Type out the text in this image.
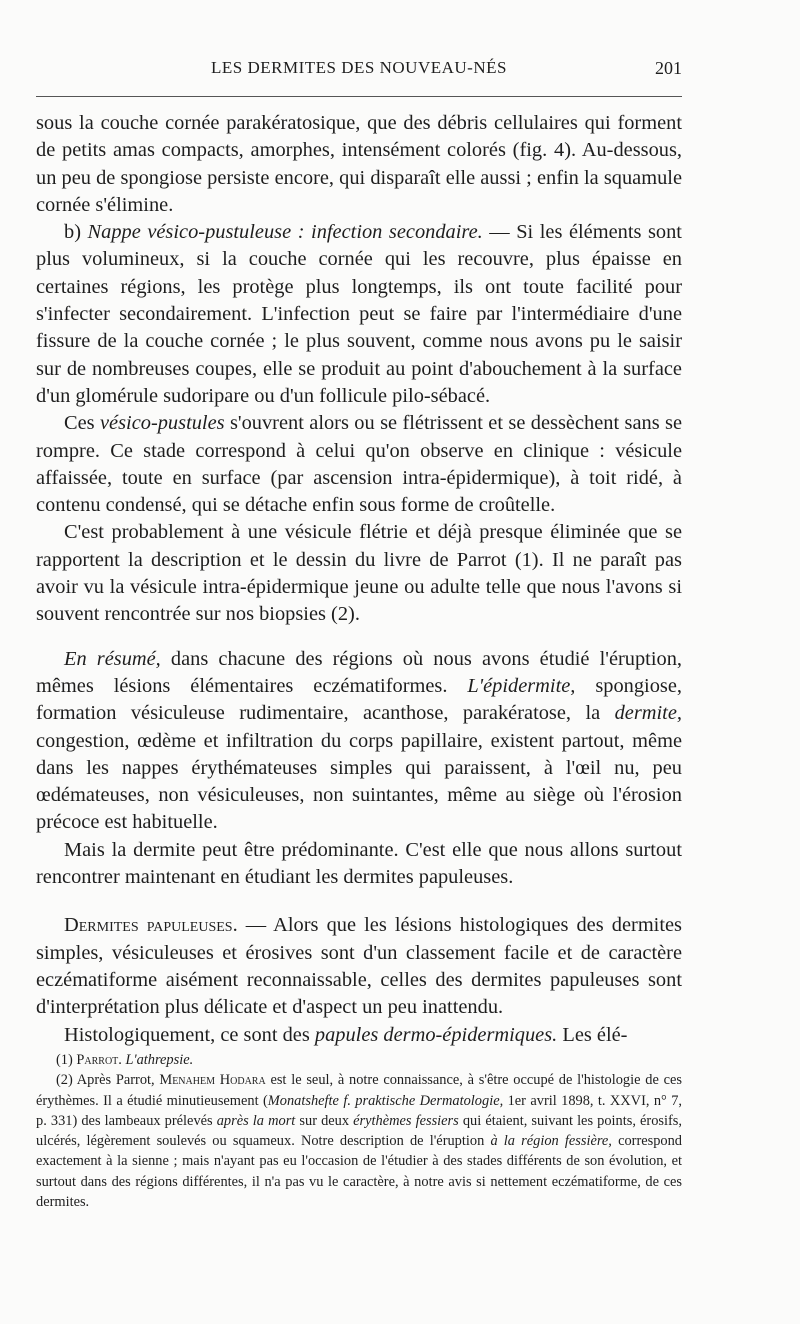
LES DERMITES DES NOUVEAU-NÉS	201

sous la couche cornée parakératosique, que des débris cellulaires qui forment de petits amas compacts, amorphes, intensément colorés (fig. 4). Au-dessous, un peu de spongiose persiste encore, qui disparaît elle aussi ; enfin la squamule cornée s'élimine.

b) Nappe vésico-pustuleuse : infection secondaire. — Si les éléments sont plus volumineux, si la couche cornée qui les recouvre, plus épaisse en certaines régions, les protège plus longtemps, ils ont toute facilité pour s'infecter secondairement. L'infection peut se faire par l'intermédiaire d'une fissure de la couche cornée ; le plus souvent, comme nous avons pu le saisir sur de nombreuses coupes, elle se produit au point d'abouchement à la surface d'un glomérule sudoripare ou d'un follicule pilo-sébacé.

Ces vésico-pustules s'ouvrent alors ou se flétrissent et se dessèchent sans se rompre. Ce stade correspond à celui qu'on observe en clinique : vésicule affaissée, toute en surface (par ascension intra-épidermique), à toit ridé, à contenu condensé, qui se détache enfin sous forme de croûtelle.

C'est probablement à une vésicule flétrie et déjà presque éliminée que se rapportent la description et le dessin du livre de Parrot (1). Il ne paraît pas avoir vu la vésicule intra-épidermique jeune ou adulte telle que nous l'avons si souvent rencontrée sur nos biopsies (2).

En résumé, dans chacune des régions où nous avons étudié l'éruption, mêmes lésions élémentaires eczématiformes. L'épidermite, spongiose, formation vésiculeuse rudimentaire, acanthose, parakératose, la dermite, congestion, œdème et infiltration du corps papillaire, existent partout, même dans les nappes érythémateuses simples qui paraissent, à l'œil nu, peu œdémateuses, non vésiculeuses, non suintantes, même au siège où l'érosion précoce est habituelle.

Mais la dermite peut être prédominante. C'est elle que nous allons surtout rencontrer maintenant en étudiant les dermites papuleuses.

Dermites papuleuses. — Alors que les lésions histologiques des dermites simples, vésiculeuses et érosives sont d'un classement facile et de caractère eczématiforme aisément reconnaissable, celles des dermites papuleuses sont d'interprétation plus délicate et d'aspect un peu inattendu.

Histologiquement, ce sont des papules dermo-épidermiques. Les élé-

(1) Parrot. L'athrepsie.

(2) Après Parrot, Menahem Hodara est le seul, à notre connaissance, à s'être occupé de l'histologie de ces érythèmes. Il a étudié minutieusement (Monatshefte f. praktische Dermatologie, 1er avril 1898, t. XXVI, n° 7, p. 331) des lambeaux prélevés après la mort sur deux érythèmes fessiers qui étaient, suivant les points, érosifs, ulcérés, légèrement soulevés ou squameux. Notre description de l'éruption à la région fessière, correspond exactement à la sienne ; mais n'ayant pas eu l'occasion de l'étudier à des stades différents de son évolution, et surtout dans des régions différentes, il n'a pas vu le caractère, à notre avis si nettement eczématiforme, de ces dermites.
